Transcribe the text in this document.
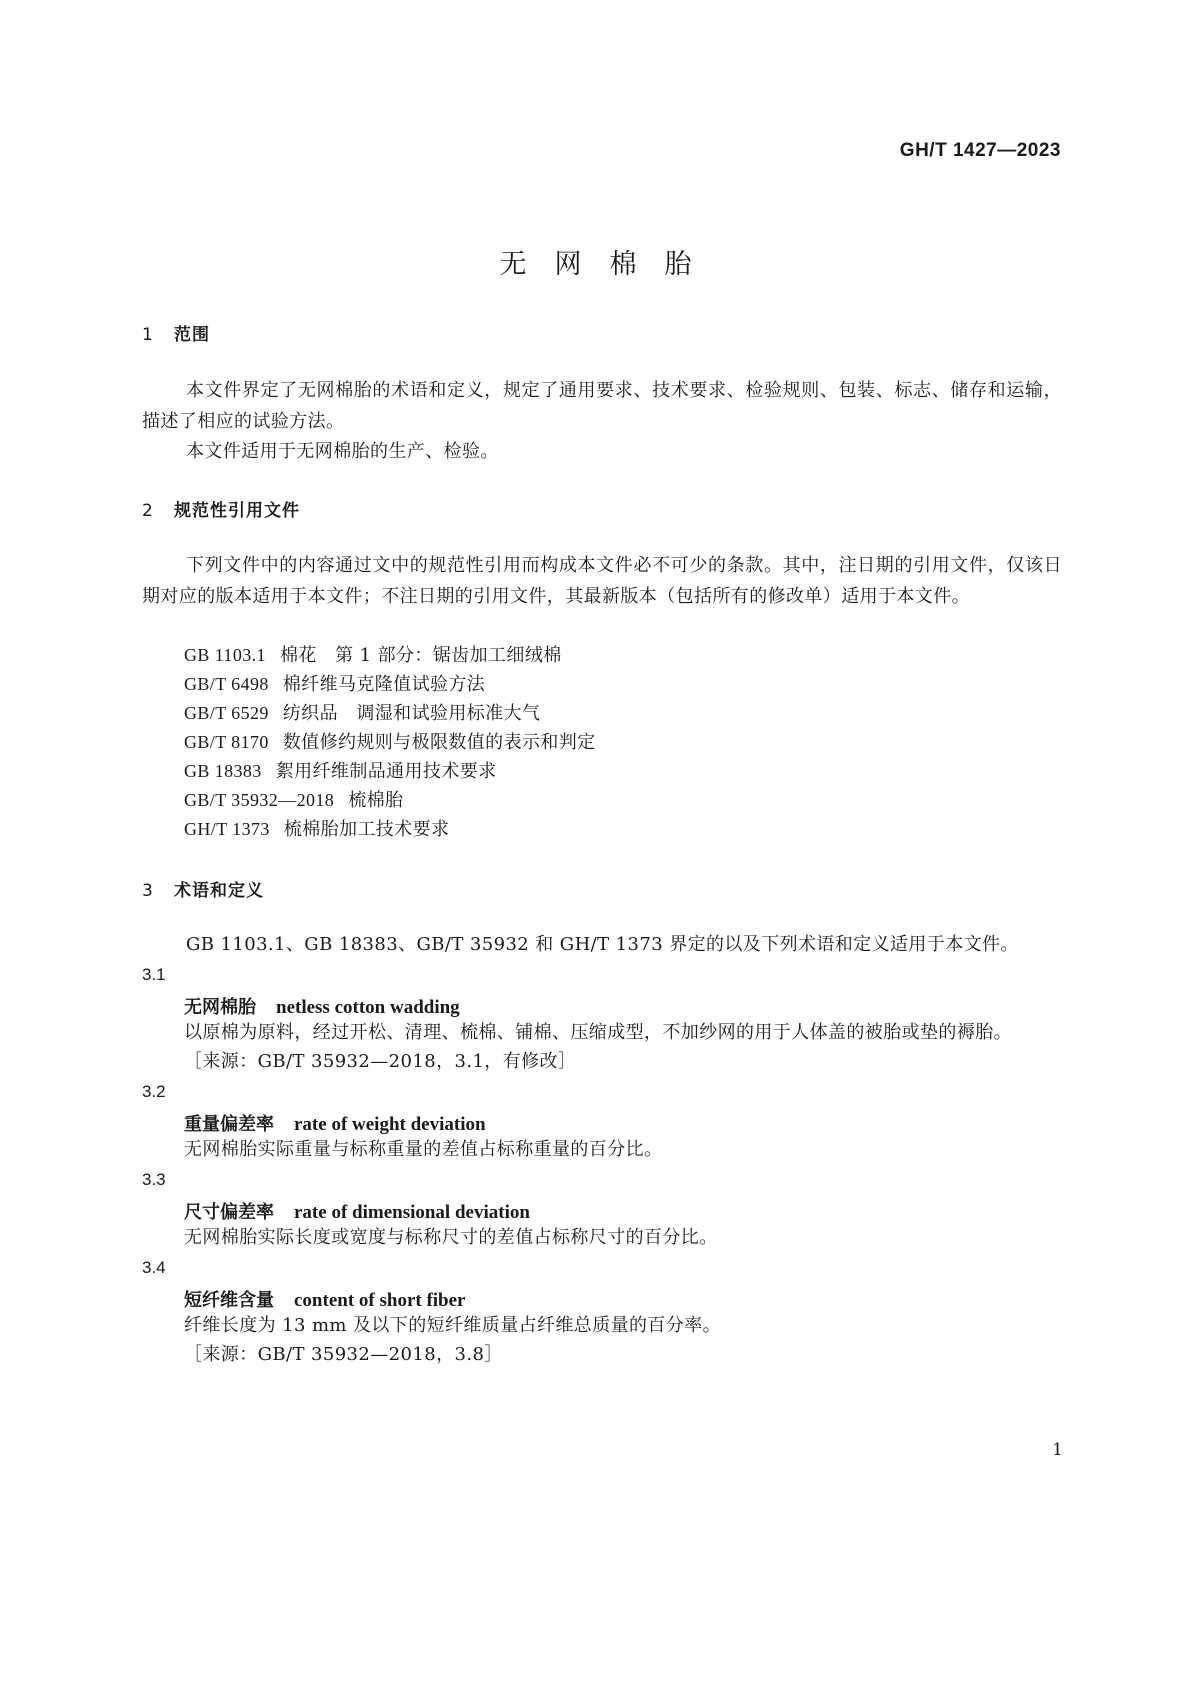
GH/T 1427—2023
无网棉胎
1 范围
本文件界定了无网棉胎的术语和定义，规定了通用要求、技术要求、检验规则、包装、标志、储存和运输，描述了相应的试验方法。
本文件适用于无网棉胎的生产、检验。
2 规范性引用文件
下列文件中的内容通过文中的规范性引用而构成本文件必不可少的条款。其中，注日期的引用文件，仅该日期对应的版本适用于本文件；不注日期的引用文件，其最新版本（包括所有的修改单）适用于本文件。
GB 1103.1 棉花　第 1 部分：锯齿加工细绒棉
GB/T 6498 棉纤维马克隆值试验方法
GB/T 6529 纺织品　调湿和试验用标准大气
GB/T 8170 数值修约规则与极限数值的表示和判定
GB 18383 絮用纤维制品通用技术要求
GB/T 35932—2018 梳棉胎
GH/T 1373 梳棉胎加工技术要求
3 术语和定义
GB 1103.1、GB 18383、GB/T 35932 和 GH/T 1373 界定的以及下列术语和定义适用于本文件。
3.1
无网棉胎 netless cotton wadding
以原棉为原料，经过开松、清理、梳棉、铺棉、压缩成型，不加纱网的用于人体盖的被胎或垫的褥胎。
［来源：GB/T 35932—2018，3.1，有修改］
3.2
重量偏差率 rate of weight deviation
无网棉胎实际重量与标称重量的差值占标称重量的百分比。
3.3
尺寸偏差率 rate of dimensional deviation
无网棉胎实际长度或宽度与标称尺寸的差值占标称尺寸的百分比。
3.4
短纤维含量 content of short fiber
纤维长度为 13 mm 及以下的短纤维质量占纤维总质量的百分率。
［来源：GB/T 35932—2018，3.8］
1
